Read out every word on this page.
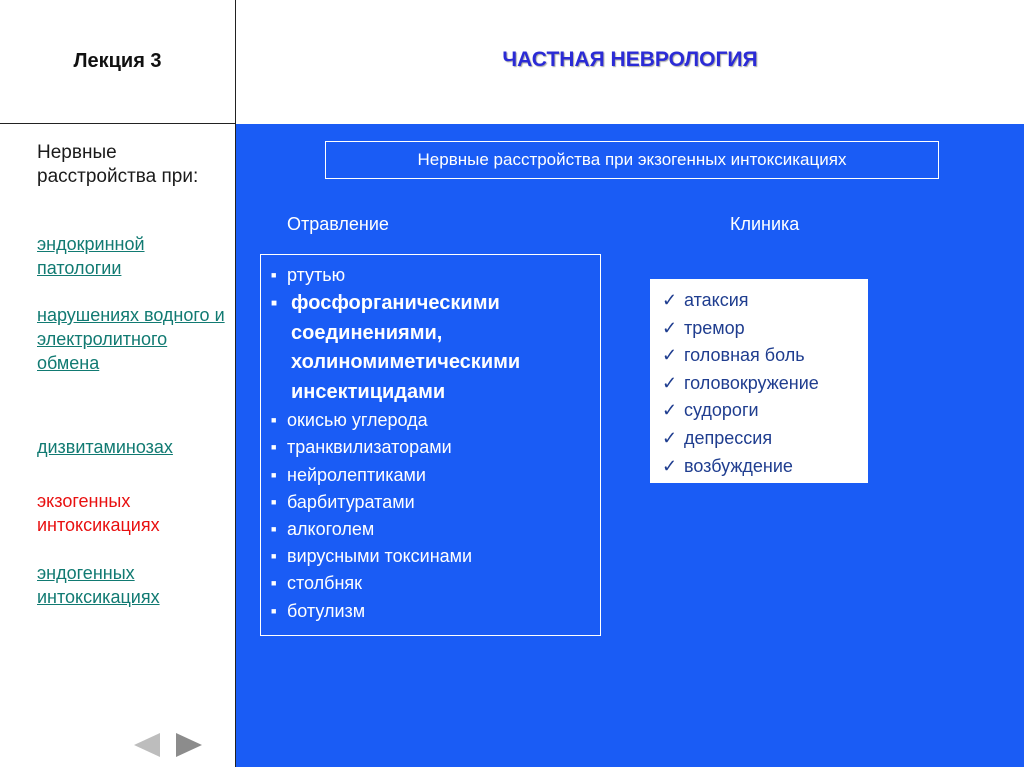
Лекция 3	ЧАСТНАЯ НЕВРОЛОГИЯ
Нервные расстройства при:
эндокринной патологии
нарушениях водного и электролитного обмена
дизвитаминозах
экзогенных интоксикациях
эндогенных интоксикациях
Нервные расстройства при экзогенных интоксикациях
Отравление	Клиника
■ ртутью
■ фосфорганическими соединениями, холиномиметическими инсектицидами
■ окисью углерода
■ транквилизаторами
■ нейролептиками
■ барбитуратами
■ алкоголем
■ вирусными токсинами
■ столбняк
■ ботулизм
✓ атаксия
✓ тремор
✓ головная боль
✓ головокружение
✓ судороги
✓ депрессия
✓ возбуждение
